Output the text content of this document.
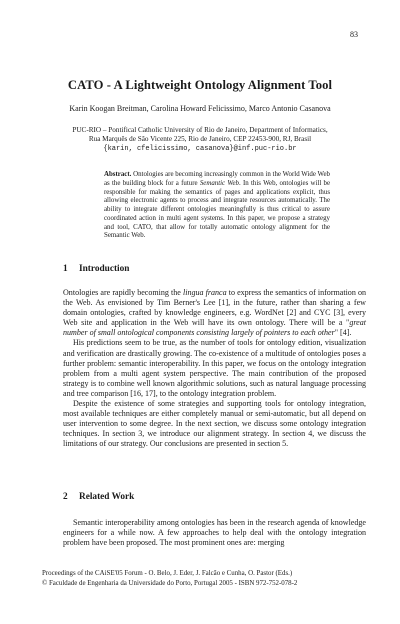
83
CATO - A Lightweight Ontology Alignment Tool
Karin Koogan Breitman, Carolina Howard Felicissimo, Marco Antonio Casanova
PUC-RIO – Pontifical Catholic University of Rio de Janeiro, Department of Informatics,
Rua Marquês de São Vicente 225, Rio de Janeiro, CEP 22453-900, RJ, Brasil
{karin, cfelicissimo, casanova}@inf.puc-rio.br
Abstract. Ontologies are becoming increasingly common in the World Wide Web as the building block for a future Semantic Web. In this Web, ontologies will be responsible for making the semantics of pages and applications explicit, thus allowing electronic agents to process and integrate resources automatically. The ability to integrate different ontologies meaningfully is thus critical to assure coordinated action in multi agent systems. In this paper, we propose a strategy and tool, CATO, that allow for totally automatic ontology alignment for the Semantic Web.
1 Introduction

Ontologies are rapidly becoming the lingua franca to express the semantics of information on the Web. As envisioned by Tim Berner's Lee [1], in the future, rather than sharing a few domain ontologies, crafted by knowledge engineers, e.g. WordNet [2] and CYC [3], every Web site and application in the Web will have its own ontology. There will be a "great number of small ontological components consisting largely of pointers to each other" [4].

His predictions seem to be true, as the number of tools for ontology edition, visualization and verification are drastically growing. The co-existence of a multitude of ontologies poses a further problem: semantic interoperability. In this paper, we focus on the ontology integration problem from a multi agent system perspective. The main contribution of the proposed strategy is to combine well known algorithmic solutions, such as natural language processing and tree comparison [16, 17], to the ontology integration problem.

Despite the existence of some strategies and supporting tools for ontology integration, most available techniques are either completely manual or semi-automatic, but all depend on user intervention to some degree. In the next section, we discuss some ontology integration techniques. In section 3, we introduce our alignment strategy. In section 4, we discuss the limitations of our strategy. Our conclusions are presented in section 5.

2 Related Work

Semantic interoperability among ontologies has been in the research agenda of knowledge engineers for a while now. A few approaches to help deal with the ontology integration problem have been proposed. The most prominent ones are: merging

Proceedings of the CAiSE'05 Forum - O. Belo, J. Eder, J. Falcão e Cunha, O. Pastor (Eds.)
© Faculdade de Engenharia da Universidade do Porto, Portugal 2005 - ISBN 972-752-078-2
